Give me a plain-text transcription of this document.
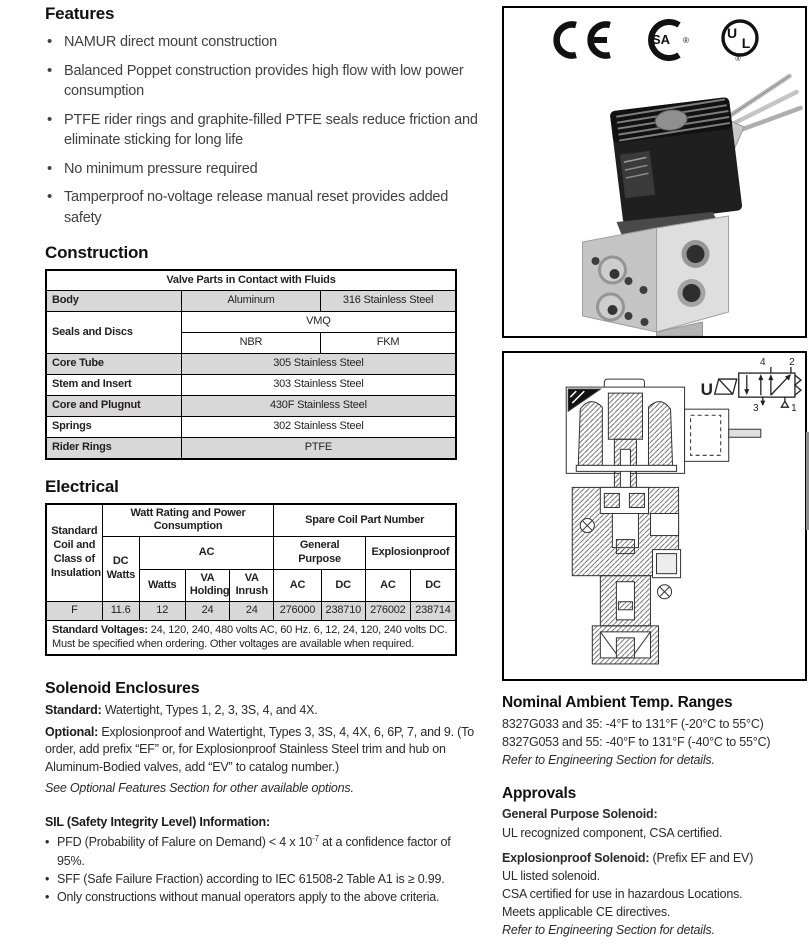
Features
• NAMUR direct mount construction
• Balanced Poppet construction provides high flow with low power consumption
• PTFE rider rings and graphite-filled PTFE seals reduce friction and eliminate sticking for long life
• No minimum pressure required
• Tamperproof no-voltage release manual reset provides added safety
Construction
Valve Parts in Contact with Fluids		
Body	Aluminum	316 Stainless Steel
Seals and Discs	VMQ	
	NBR	FKM
Core Tube	305 Stainless Steel	
Stem and Insert	303 Stainless Steel	
Core and Plugnut	430F Stainless Steel	
Springs	302 Stainless Steel	
Rider Rings	PTFE	
Electrical
Standard Coil and Class of Insulation	Watt Rating and Power Consumption				Spare Coil Part Number			
	DC Watts	AC			General Purpose		Explosionproof	
		Watts	VA Holding	VA Inrush	AC	DC	AC	DC
F	11.6	12	24	24	276000	238710	276002	238714
Standard Voltages: 24, 120, 240, 480 volts AC, 60 Hz. 6, 12, 24, 120, 240 volts DC. Must be specified when ordering. Other voltages are available when required.								
Solenoid Enclosures
Standard: Watertight, Types 1, 2, 3, 3S, 4, and 4X.
Optional: Explosionproof and Watertight, Types 3, 3S, 4, 4X, 6, 6P, 7, and 9. (To order, add prefix “EF” or, for Explosionproof Stainless Steel trim and hub on Aluminum-Bodied valves, add “EV” to catalog number.)
See Optional Features Section for other available options.
SIL (Safety Integrity Level) Information:
• PFD (Probability of Falure on Demand) < 4 x $10^{-7}$ at a confidence factor of 95%.
• SFF (Safe Failure Fraction) according to IEC 61508-2 Table A1 is ≥ 0.99.
• Only constructions without manual operators apply to the above criteria.
SA ®	U
L
®
U
4 2
3	1
Nominal Ambient Temp. Ranges
8327G033 and 35: -4°F to 131°F (-20°C to 55°C)
8327G053 and 55: -40°F to 131°F (-40°C to 55°C)
Refer to Engineering Section for details.
Approvals
General Purpose Solenoid:
UL recognized component, CSA certified.
Explosionproof Solenoid: (Prefix EF and EV)
UL listed solenoid.
CSA certified for use in hazardous Locations.
Meets applicable CE directives.
Refer to Engineering Section for details.
